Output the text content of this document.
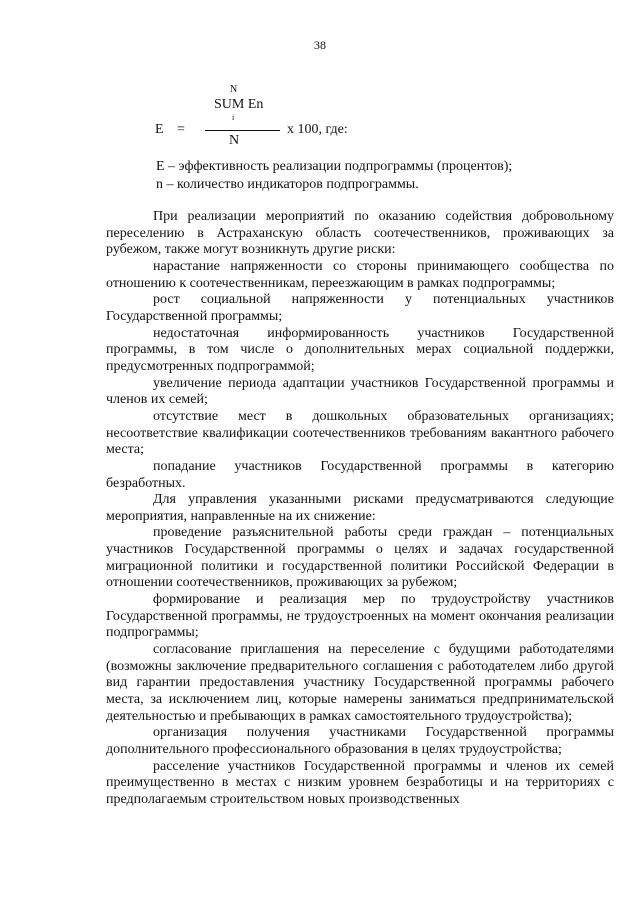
38
N
SUM En
i
E =
N
x 100, где:

E – эффективность реализации подпрограммы (процентов);

n – количество индикаторов подпрограммы.

При реализации мероприятий по оказанию содействия добровольному переселению в Астраханскую область соотечественников, проживающих за рубежом, также могут возникнуть другие риски:

нарастание напряженности со стороны принимающего сообщества по отношению к соотечественникам, переезжающим в рамках подпрограммы;

рост социальной напряженности у потенциальных участников Государственной программы;

недостаточная информированность участников Государственной программы, в том числе о дополнительных мерах социальной поддержки, предусмотренных подпрограммой;

увеличение периода адаптации участников Государственной программы и членов их семей;

отсутствие мест в дошкольных образовательных организациях; несоответствие квалификации соотечественников требованиям вакантного рабочего места;

попадание участников Государственной программы в категорию безработных.

Для управления указанными рисками предусматриваются следующие мероприятия, направленные на их снижение:

проведение разъяснительной работы среди граждан – потенциальных участников Государственной программы о целях и задачах государственной миграционной политики и государственной политики Российской Федерации в отношении соотечественников, проживающих за рубежом;

формирование и реализация мер по трудоустройству участников Государственной программы, не трудоустроенных на момент окончания реализации подпрограммы;

согласование приглашения на переселение с будущими работодателями (возможны заключение предварительного соглашения с работодателем либо другой вид гарантии предоставления участнику Государственной программы рабочего места, за исключением лиц, которые намерены заниматься предпринимательской деятельностью и пребывающих в рамках самостоятельного трудоустройства);

организация получения участниками Государственной программы дополнительного профессионального образования в целях трудоустройства;

расселение участников Государственной программы и членов их семей преимущественно в местах с низким уровнем безработицы и на территориях с предполагаемым строительством новых производственных
